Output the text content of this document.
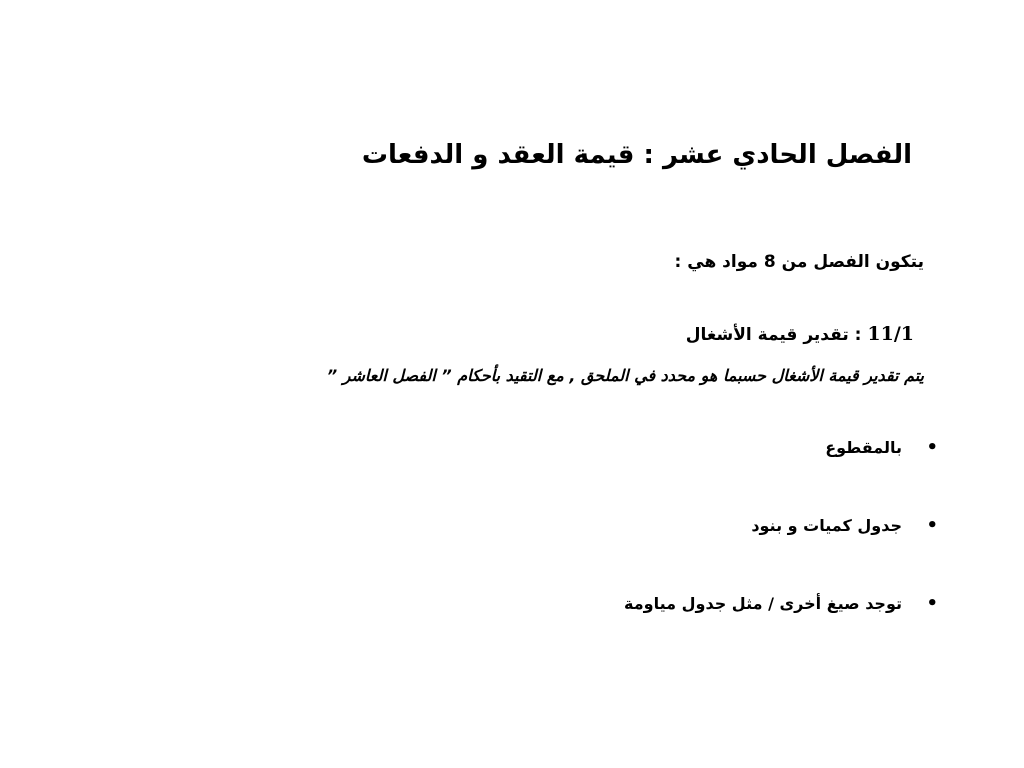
الفصل الحادي عشر : قيمة العقد و الدفعات
يتكون الفصل من 8 مواد هي :
11/1 : تقدير قيمة الأشغال
يتم تقدير قيمة الأشغال حسبما هو محدد في الملحق , مع التقيد بأحكام ” الفصل العاشر ”
•
بالمقطوع
•
جدول كميات و بنود
•
توجد صيغ أخرى / مثل جدول مياومة
